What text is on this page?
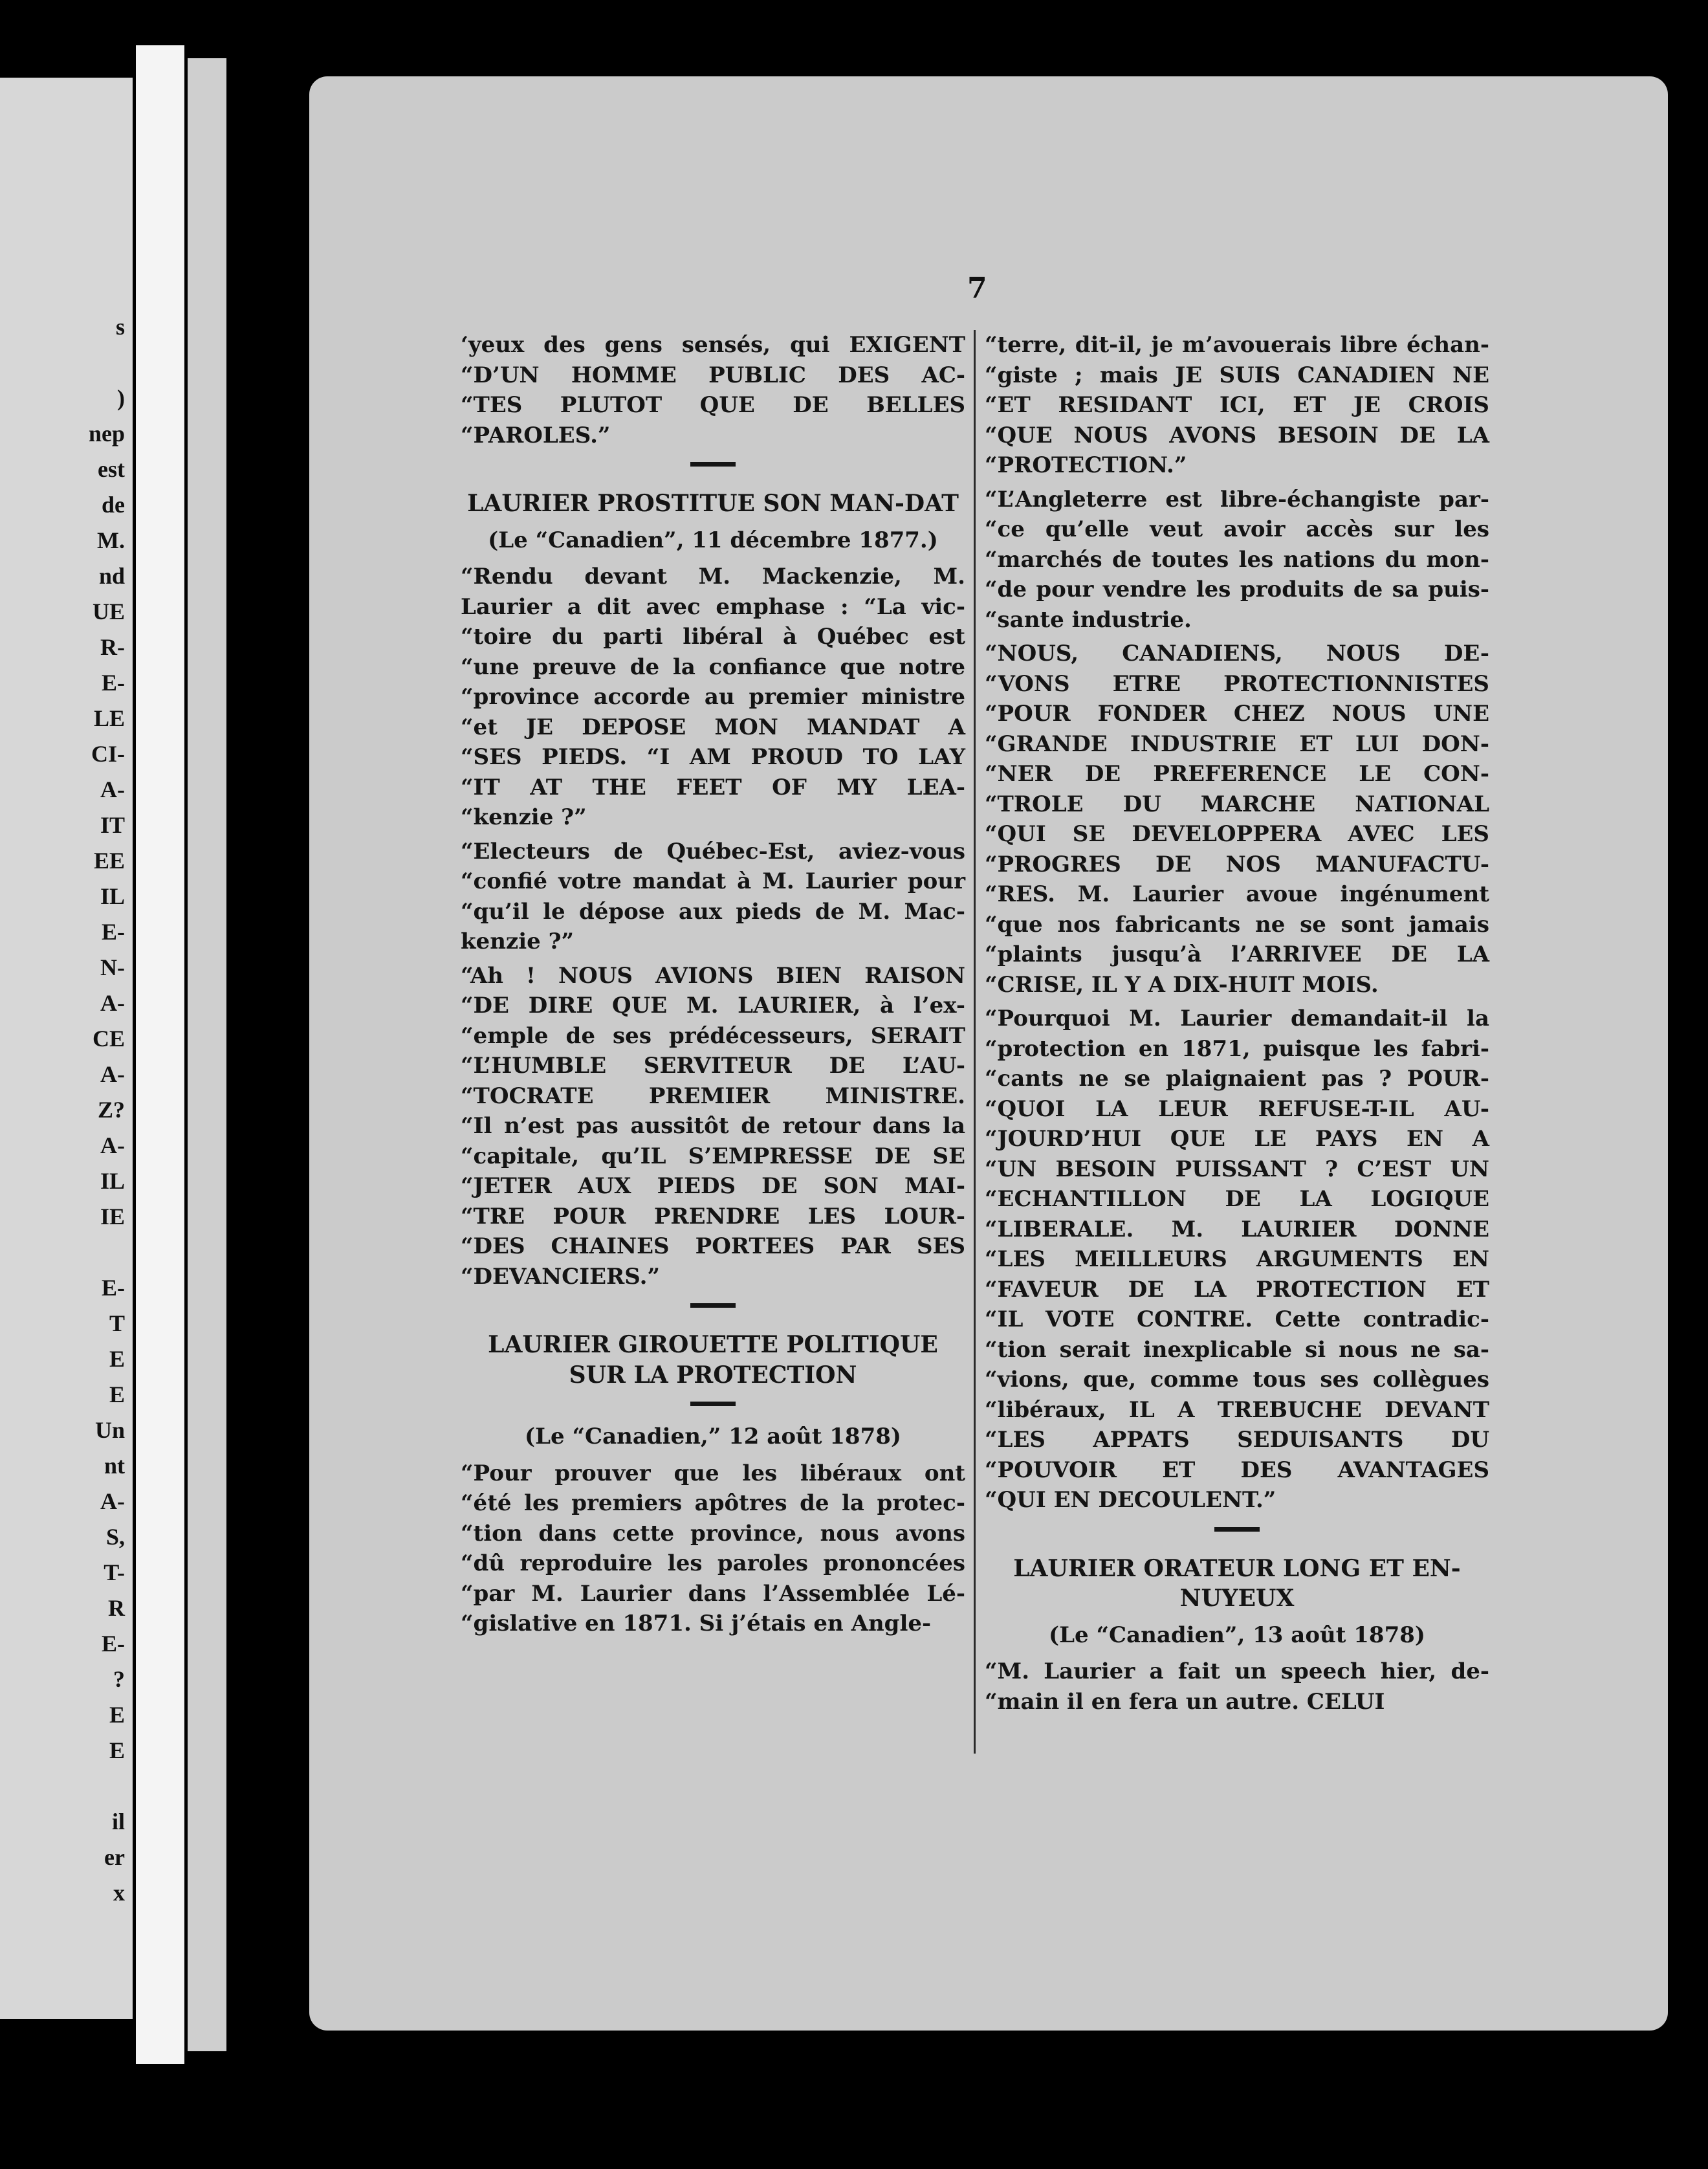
s
)
nep
est
de
M.
nd
UE
R-
E-
LE
CI-
A-
IT
EE
IL
E-
N-
A-
CE
A-
Z?
A-
IL
IE
E-
T
E
E
Un
nt
A-
S,
T-
R
E-
?
E
E
il
er
x
7
‘yeux des gens sensés, qui EXIGENT
“D’UN HOMME PUBLIC DES AC-
“TES PLUTOT QUE DE BELLES
“PAROLES.”
LAURIER PROSTITUE SON MAN-DAT
(Le “Canadien”, 11 décembre 1877.)
“Rendu devant M. Mackenzie, M.
Laurier a dit avec emphase : “La vic-
“toire du parti libéral à Québec est
“une preuve de la confiance que notre
“province accorde au premier ministre
“et JE DEPOSE MON MANDAT A
“SES PIEDS. “I AM PROUD TO LAY
“IT AT THE FEET OF MY LEA-
“kenzie ?”
“Electeurs de Québec-Est, aviez-vous
“confié votre mandat à M. Laurier pour
“qu’il le dépose aux pieds de M. Mac-
kenzie ?”
“Ah ! NOUS AVIONS BIEN RAISON
“DE DIRE QUE M. LAURIER, à l’ex-
“emple de ses prédécesseurs, SERAIT
“L’HUMBLE SERVITEUR DE L’AU-
“TOCRATE PREMIER MINISTRE.
“Il n’est pas aussitôt de retour dans la
“capitale, qu’IL S’EMPRESSE DE SE
“JETER AUX PIEDS DE SON MAI-
“TRE POUR PRENDRE LES LOUR-
“DES CHAINES PORTEES PAR SES
“DEVANCIERS.”
LAURIER GIROUETTE POLITIQUE SUR LA PROTECTION
(Le “Canadien,” 12 août 1878)
“Pour prouver que les libéraux ont
“été les premiers apôtres de la protec-
“tion dans cette province, nous avons
“dû reproduire les paroles prononcées
“par M. Laurier dans l’Assemblée Lé-
“gislative en 1871. Si j’étais en Angle-
“terre, dit-il, je m’avouerais libre échan-
“giste ; mais JE SUIS CANADIEN NE
“ET RESIDANT ICI, ET JE CROIS
“QUE NOUS AVONS BESOIN DE LA
“PROTECTION.”
“L’Angleterre est libre-échangiste par-
“ce qu’elle veut avoir accès sur les
“marchés de toutes les nations du mon-
“de pour vendre les produits de sa puis-
“sante industrie.
“NOUS, CANADIENS, NOUS DE-
“VONS ETRE PROTECTIONNISTES
“POUR FONDER CHEZ NOUS UNE
“GRANDE INDUSTRIE ET LUI DON-
“NER DE PREFERENCE LE CON-
“TROLE DU MARCHE NATIONAL
“QUI SE DEVELOPPERA AVEC LES
“PROGRES DE NOS MANUFACTU-
“RES. M. Laurier avoue ingénument
“que nos fabricants ne se sont jamais
“plaints jusqu’à l’ARRIVEE DE LA
“CRISE, IL Y A DIX-HUIT MOIS.
“Pourquoi M. Laurier demandait-il la
“protection en 1871, puisque les fabri-
“cants ne se plaignaient pas ? POUR-
“QUOI LA LEUR REFUSE-T-IL AU-
“JOURD’HUI QUE LE PAYS EN A
“UN BESOIN PUISSANT ? C’EST UN
“ECHANTILLON DE LA LOGIQUE
“LIBERALE. M. LAURIER DONNE
“LES MEILLEURS ARGUMENTS EN
“FAVEUR DE LA PROTECTION ET
“IL VOTE CONTRE. Cette contradic-
“tion serait inexplicable si nous ne sa-
“vions, que, comme tous ses collègues
“libéraux, IL A TREBUCHE DEVANT
“LES APPATS SEDUISANTS DU
“POUVOIR ET DES AVANTAGES
“QUI EN DECOULENT.”
LAURIER ORATEUR LONG ET EN-NUYEUX
(Le “Canadien”, 13 août 1878)
“M. Laurier a fait un speech hier, de-
“main il en fera un autre. CELUI
